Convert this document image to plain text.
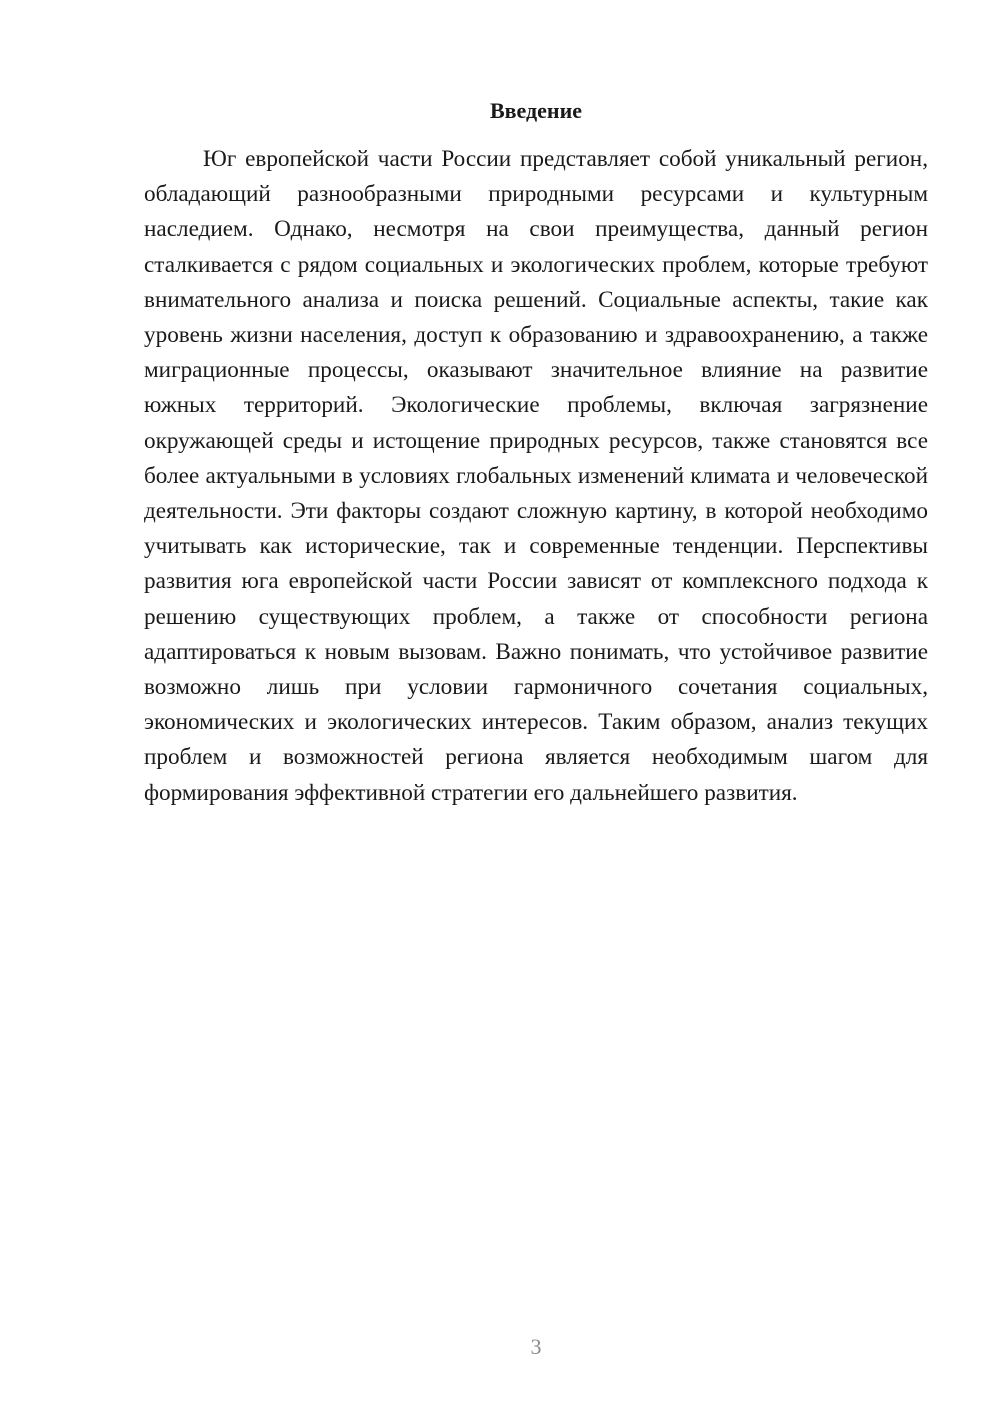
Введение

Юг европейской части России представляет собой уникальный регион, обладающий разнообразными природными ресурсами и культурным наследием. Однако, несмотря на свои преимущества, данный регион сталкивается с рядом социальных и экологических проблем, которые требуют внимательного анализа и поиска решений. Социальные аспекты, такие как уровень жизни населения, доступ к образованию и здравоохранению, а также миграционные процессы, оказывают значительное влияние на развитие южных территорий. Экологические проблемы, включая загрязнение окружающей среды и истощение природных ресурсов, также становятся все более актуальными в условиях глобальных изменений климата и человеческой деятельности. Эти факторы создают сложную картину, в которой необходимо учитывать как исторические, так и современные тенденции. Перспективы развития юга европейской части России зависят от комплексного подхода к решению существующих проблем, а также от способности региона адаптироваться к новым вызовам. Важно понимать, что устойчивое развитие возможно лишь при условии гармоничного сочетания социальных, экономических и экологических интересов. Таким образом, анализ текущих проблем и возможностей региона является необходимым шагом для формирования эффективной стратегии его дальнейшего развития.

3
